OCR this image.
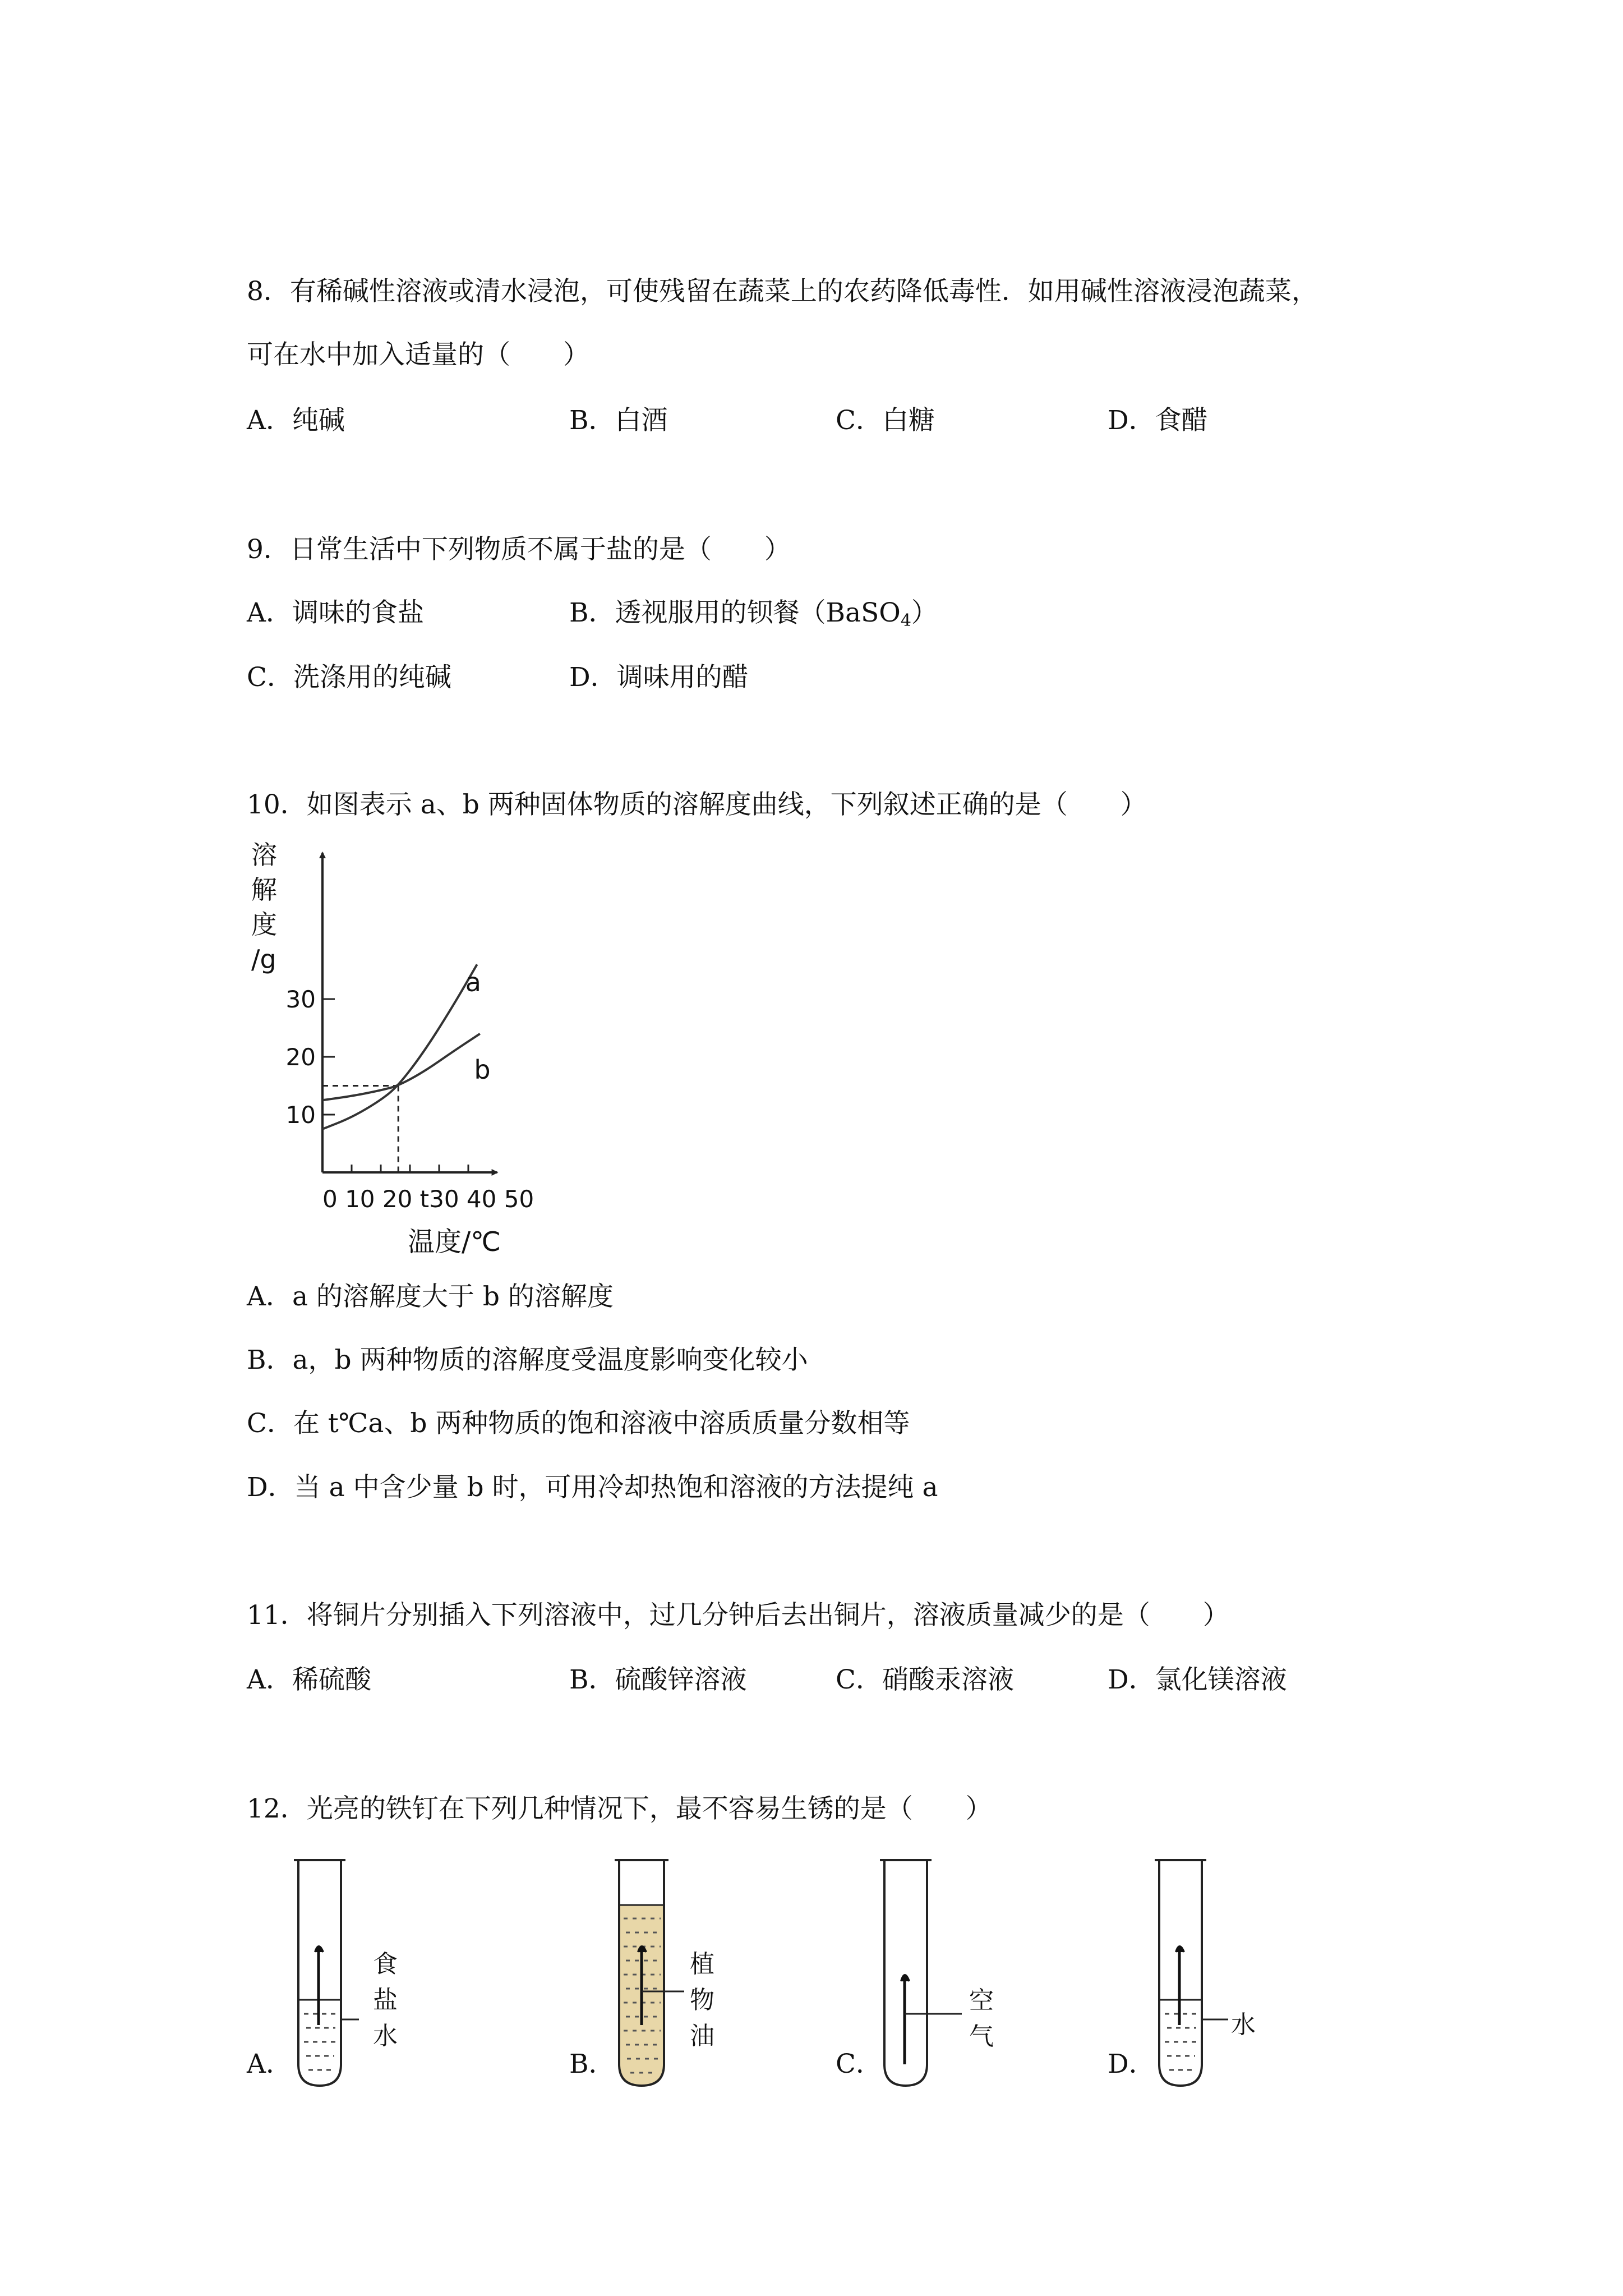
8．有稀碱性溶液或清水浸泡，可使残留在蔬菜上的农药降低毒性．如用碱性溶液浸泡蔬菜，
可在水中加入适量的（　　）
A．纯碱	B．白酒	C．白糖	D．食醋
9．日常生活中下列物质不属于盐的是（　　）
A．调味的食盐	B．透视服用的钡餐（BaSO$_4$）
C．洗涤用的纯碱	D．调味用的醋
10．如图表示 a、b 两种固体物质的溶解度曲线，下列叙述正确的是（　　）
溶
解
度
/g
10
20
30
0 10 20 t30 40 50
温度/℃
a
b
A．a 的溶解度大于 b 的溶解度
B．a，b 两种物质的溶解度受温度影响变化较小
C．在 t℃a、b 两种物质的饱和溶液中溶质质量分数相等
D．当 a 中含少量 b 时，可用冷却热饱和溶液的方法提纯 a
11．将铜片分别插入下列溶液中，过几分钟后去出铜片，溶液质量减少的是（　　）
A．稀硫酸	B．硫酸锌溶液	C．硝酸汞溶液	D．氯化镁溶液
12．光亮的铁钉在下列几种情况下，最不容易生锈的是（　　）
A．
食
盐
水
B．
植
物
油
C．
空
气
D．
水
